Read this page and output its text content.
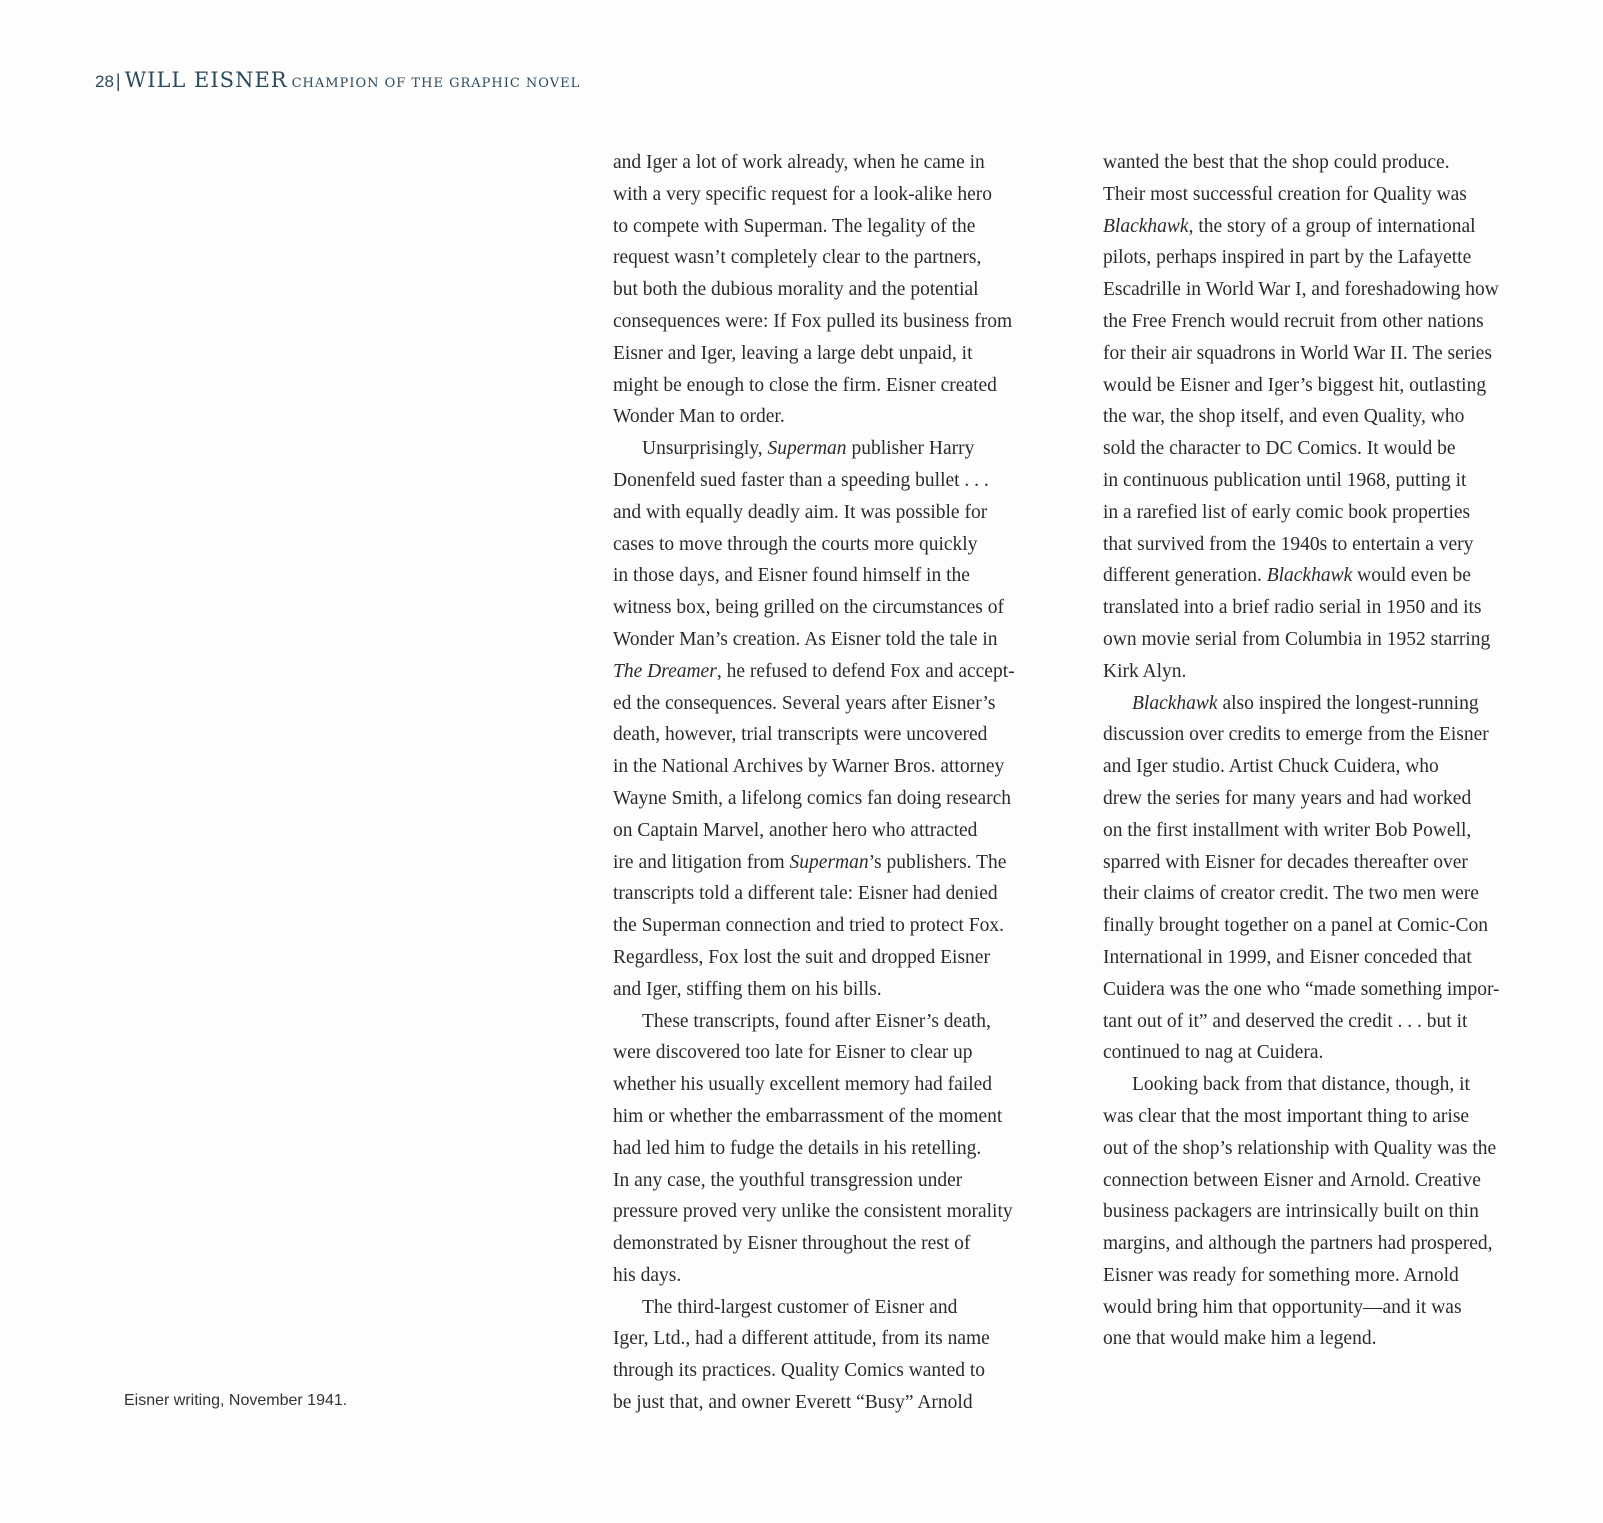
28 | WILL EISNER CHAMPION OF THE GRAPHIC NOVEL
Eisner writing, November 1941.
and Iger a lot of work already, when he came in
with a very specific request for a look-alike hero
to compete with Superman. The legality of the
request wasn’t completely clear to the partners,
but both the dubious morality and the potential
consequences were: If Fox pulled its business from
Eisner and Iger, leaving a large debt unpaid, it
might be enough to close the firm. Eisner created
Wonder Man to order.
Unsurprisingly, Superman publisher Harry
Donenfeld sued faster than a speeding bullet . . .
and with equally deadly aim. It was possible for
cases to move through the courts more quickly
in those days, and Eisner found himself in the
witness box, being grilled on the circumstances of
Wonder Man’s creation. As Eisner told the tale in
The Dreamer, he refused to defend Fox and accept-
ed the consequences. Several years after Eisner’s
death, however, trial transcripts were uncovered
in the National Archives by Warner Bros. attorney
Wayne Smith, a lifelong comics fan doing research
on Captain Marvel, another hero who attracted
ire and litigation from Superman’s publishers. The
transcripts told a different tale: Eisner had denied
the Superman connection and tried to protect Fox.
Regardless, Fox lost the suit and dropped Eisner
and Iger, stiffing them on his bills.
These transcripts, found after Eisner’s death,
were discovered too late for Eisner to clear up
whether his usually excellent memory had failed
him or whether the embarrassment of the moment
had led him to fudge the details in his retelling.
In any case, the youthful transgression under
pressure proved very unlike the consistent morality
demonstrated by Eisner throughout the rest of
his days.
The third-largest customer of Eisner and
Iger, Ltd., had a different attitude, from its name
through its practices. Quality Comics wanted to
be just that, and owner Everett “Busy” Arnold
wanted the best that the shop could produce.
Their most successful creation for Quality was
Blackhawk, the story of a group of international
pilots, perhaps inspired in part by the Lafayette
Escadrille in World War I, and foreshadowing how
the Free French would recruit from other nations
for their air squadrons in World War II. The series
would be Eisner and Iger’s biggest hit, outlasting
the war, the shop itself, and even Quality, who
sold the character to DC Comics. It would be
in continuous publication until 1968, putting it
in a rarefied list of early comic book properties
that survived from the 1940s to entertain a very
different generation. Blackhawk would even be
translated into a brief radio serial in 1950 and its
own movie serial from Columbia in 1952 starring
Kirk Alyn.
Blackhawk also inspired the longest-running
discussion over credits to emerge from the Eisner
and Iger studio. Artist Chuck Cuidera, who
drew the series for many years and had worked
on the first installment with writer Bob Powell,
sparred with Eisner for decades thereafter over
their claims of creator credit. The two men were
finally brought together on a panel at Comic-Con
International in 1999, and Eisner conceded that
Cuidera was the one who “made something impor-
tant out of it” and deserved the credit . . . but it
continued to nag at Cuidera.
Looking back from that distance, though, it
was clear that the most important thing to arise
out of the shop’s relationship with Quality was the
connection between Eisner and Arnold. Creative
business packagers are intrinsically built on thin
margins, and although the partners had prospered,
Eisner was ready for something more. Arnold
would bring him that opportunity—and it was
one that would make him a legend.
